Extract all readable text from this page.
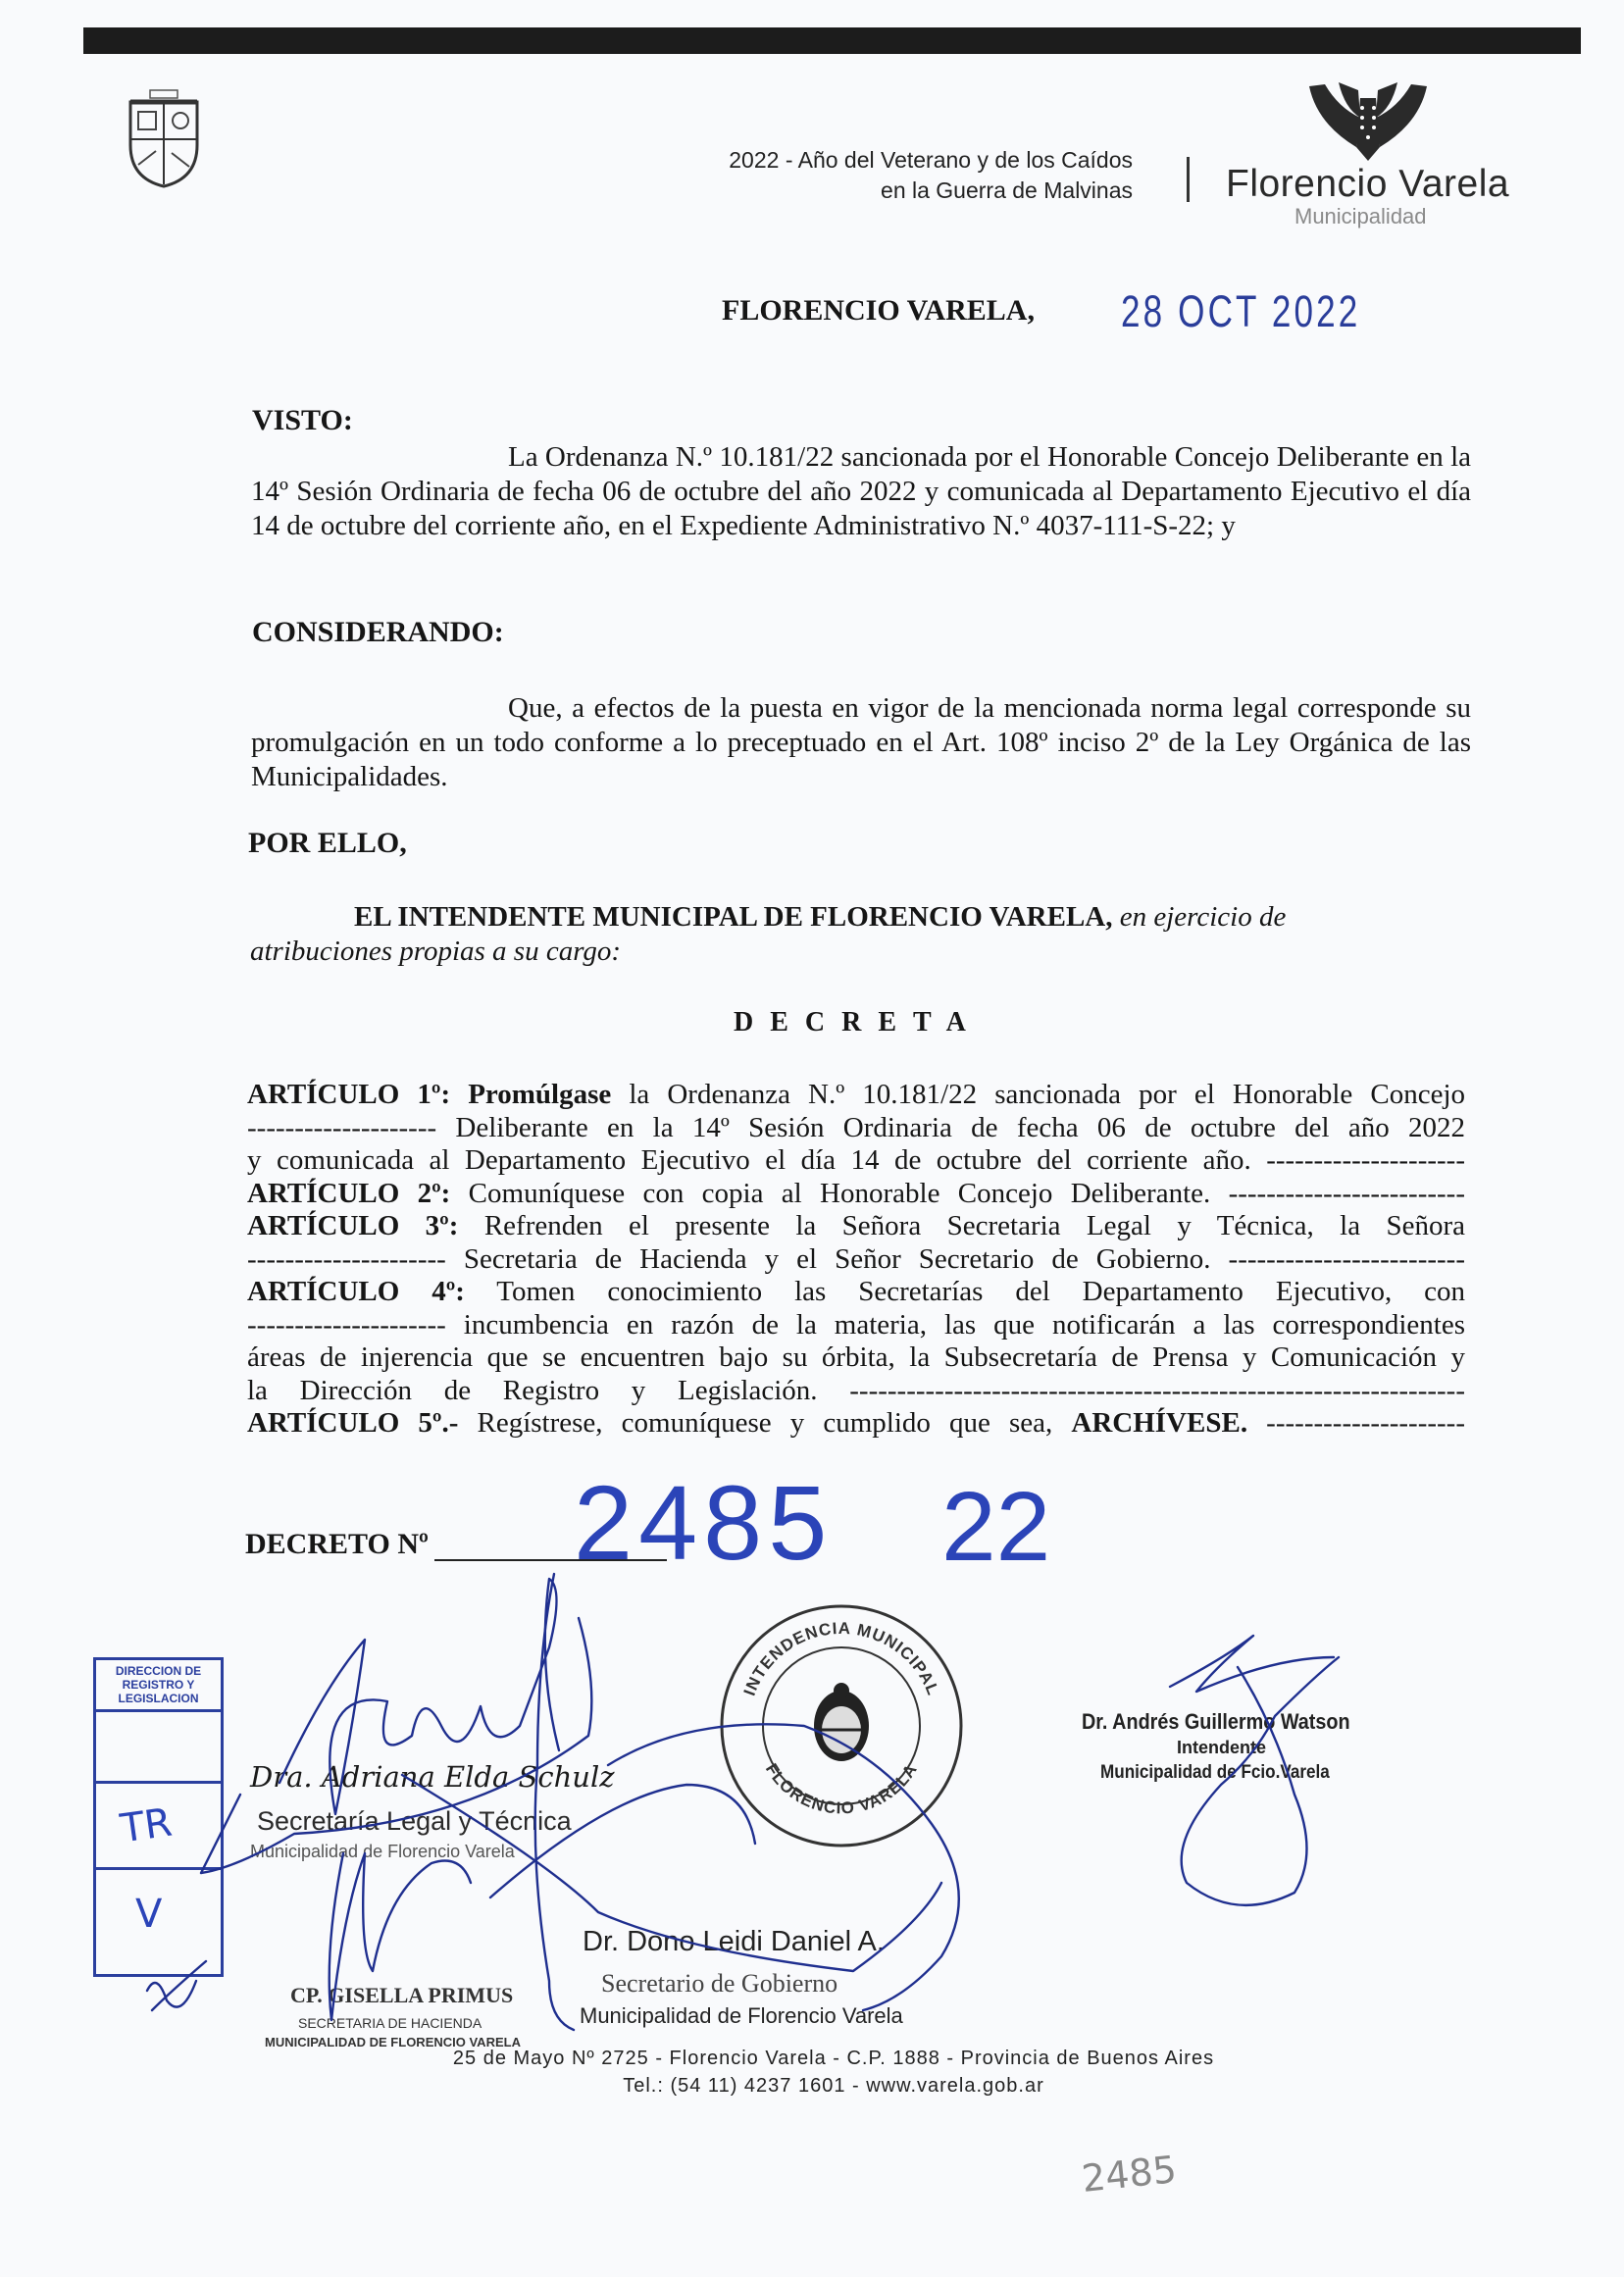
2022 - Año del Veterano y de los Caídos
en la Guerra de Malvinas Florencio Varela
Municipalidad
FLORENCIO VARELA, 28 OCT 2022
VISTO:
La Ordenanza N.º 10.181/22 sancionada por el Honorable Concejo Deliberante en la 14º Sesión Ordinaria de fecha 06 de octubre del año 2022 y comunicada al Departamento Ejecutivo el día 14 de octubre del corriente año, en el Expediente Administrativo N.º 4037-111-S-22; y
CONSIDERANDO:
Que, a efectos de la puesta en vigor de la mencionada norma legal corresponde su promulgación en un todo conforme a lo preceptuado en el Art. 108º inciso 2º de la Ley Orgánica de las Municipalidades.
POR ELLO,
EL INTENDENTE MUNICIPAL DE FLORENCIO VARELA, en ejercicio de atribuciones propias a su cargo:
DECRETA
ARTÍCULO 1º: Promúlgase la Ordenanza N.º 10.181/22 sancionada por el Honorable Concejo
-------------------- Deliberante en la 14º Sesión Ordinaria de fecha 06 de octubre del año 2022
y comunicada al Departamento Ejecutivo el día 14 de octubre del corriente año. ---------------------
ARTÍCULO 2º: Comuníquese con copia al Honorable Concejo Deliberante. -------------------------
ARTÍCULO 3º: Refrenden el presente la Señora Secretaria Legal y Técnica, la Señora
--------------------- Secretaria de Hacienda y el Señor Secretario de Gobierno. -------------------------
ARTÍCULO 4º: Tomen conocimiento las Secretarías del Departamento Ejecutivo, con
--------------------- incumbencia en razón de la materia, las que notificarán a las correspondientes
áreas de injerencia que se encuentren bajo su órbita, la Subsecretaría de Prensa y Comunicación y
la Dirección de Registro y Legislación. -----------------------------------------------------------------
ARTÍCULO 5º.- Regístrese, comuníquese y cumplido que sea, ARCHÍVESE. ---------------------
DECRETO Nº 2485 22
DIRECCION DE
REGISTRO Y
LEGISLACION
TR
V
Dra. Adriana Elda Schulz
Secretaría Legal y Técnica
Municipalidad de Florencio Varela
CP. GISELLA PRIMUS
SECRETARIA DE HACIENDA
MUNICIPALIDAD DE FLORENCIO VARELA
Dr. Dono Leidi Daniel A.
Secretario de Gobierno
Municipalidad de Florencio Varela
Dr. Andrés Guillermo Watson
Intendente
Municipalidad de Fcio.Varela
INTENDENCIA MUNICIPAL
FLORENCIO VARELA
25 de Mayo Nº 2725 - Florencio Varela - C.P. 1888 - Provincia de Buenos Aires
Tel.: (54 11) 4237 1601 - www.varela.gob.ar
2485
